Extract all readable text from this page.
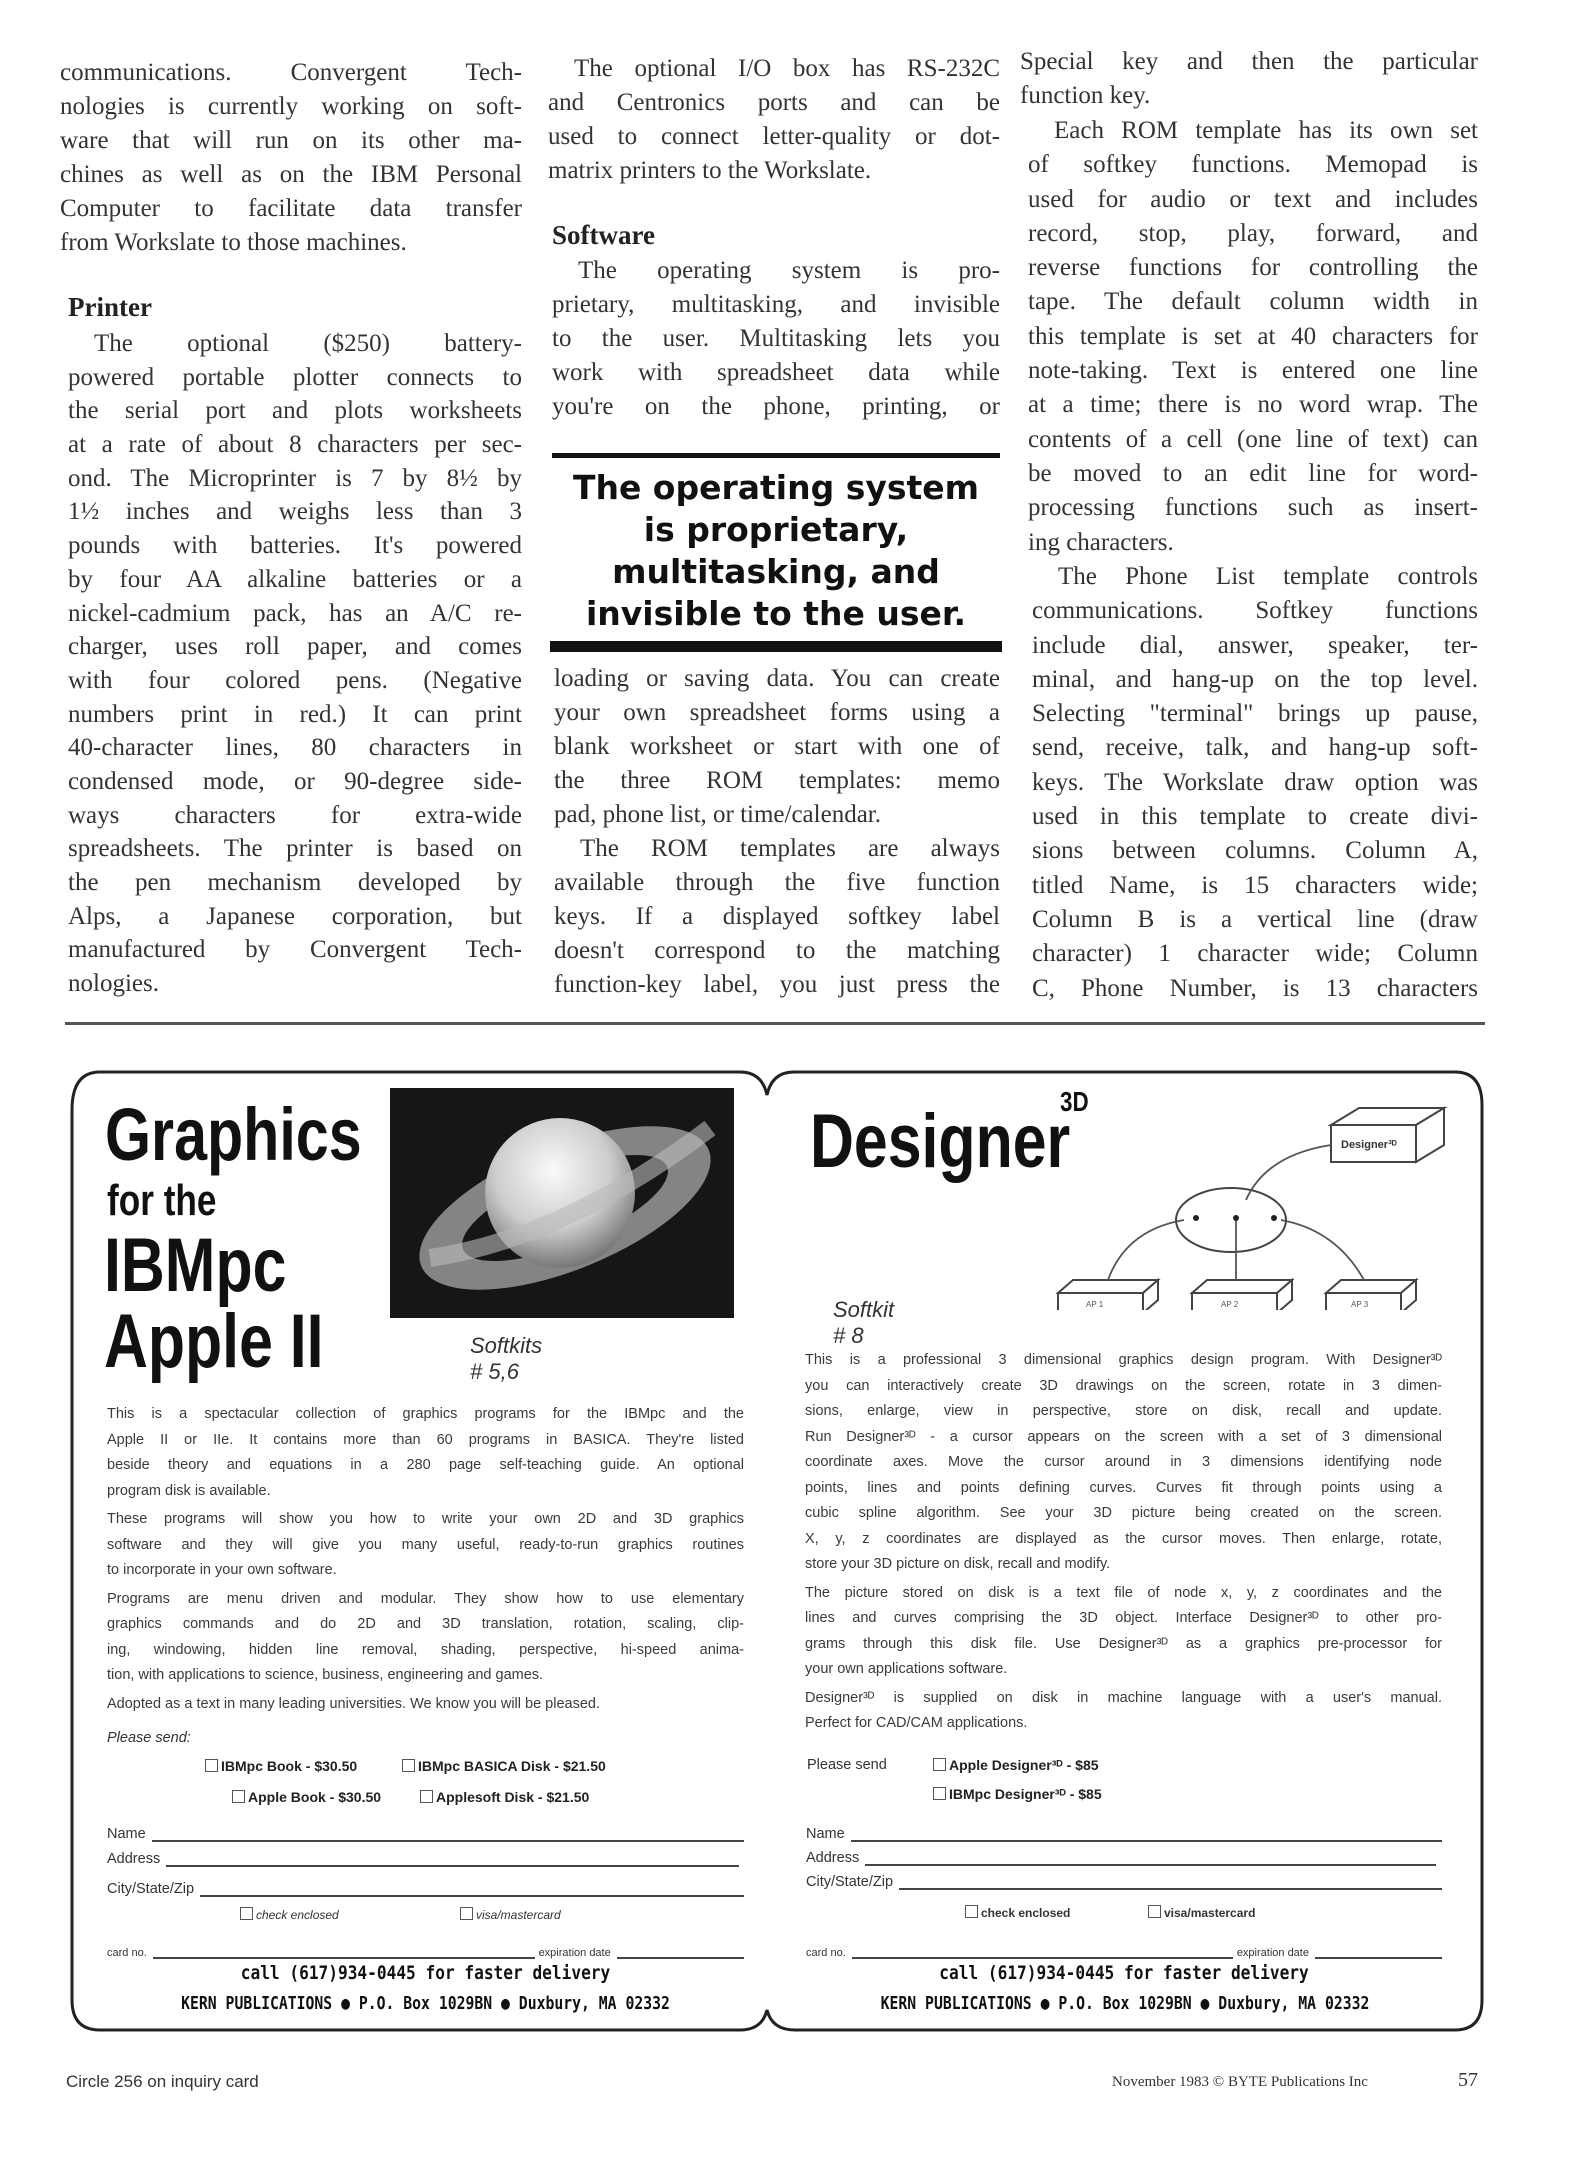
communications. Convergent Tech-
nologies is currently working on soft-
ware that will run on its other ma-
chines as well as on the IBM Personal
Computer to facilitate data transfer
from Workslate to those machines.
Printer
The optional ($250) battery-
powered portable plotter connects to
the serial port and plots worksheets
at a rate of about 8 characters per sec-
ond. The Microprinter is 7 by 8½ by
1½ inches and weighs less than 3
pounds with batteries. It's powered
by four AA alkaline batteries or a
nickel-cadmium pack, has an A/C re-
charger, uses roll paper, and comes
with four colored pens. (Negative
numbers print in red.) It can print
40-character lines, 80 characters in
condensed mode, or 90-degree side-
ways characters for extra-wide
spreadsheets. The printer is based on
the pen mechanism developed by
Alps, a Japanese corporation, but
manufactured by Convergent Tech-
nologies.
The optional I/O box has RS-232C
and Centronics ports and can be
used to connect letter-quality or dot-
matrix printers to the Workslate.
Software
The operating system is pro-
prietary, multitasking, and invisible
to the user. Multitasking lets you
work with spreadsheet data while
you're on the phone, printing, or
The operating system
is proprietary,
multitasking, and
invisible to the user.
loading or saving data. You can create
your own spreadsheet forms using a
blank worksheet or start with one of
the three ROM templates: memo
pad, phone list, or time/calendar.
The ROM templates are always
available through the five function
keys. If a displayed softkey label
doesn't correspond to the matching
function-key label, you just press the
Special key and then the particular
function key.
Each ROM template has its own set
of softkey functions. Memopad is
used for audio or text and includes
record, stop, play, forward, and
reverse functions for controlling the
tape. The default column width in
this template is set at 40 characters for
note-taking. Text is entered one line
at a time; there is no word wrap. The
contents of a cell (one line of text) can
be moved to an edit line for word-
processing functions such as insert-
ing characters.
The Phone List template controls
communications. Softkey functions
include dial, answer, speaker, ter-
minal, and hang-up on the top level.
Selecting "terminal" brings up pause,
send, receive, talk, and hang-up soft-
keys. The Workslate draw option was
used in this template to create divi-
sions between columns. Column A,
titled Name, is 15 characters wide;
Column B is a vertical line (draw
character) 1 character wide; Column
C, Phone Number, is 13 characters
Graphics
for the
IBMpc
Apple II	Softkits # 5,6
This is a spectacular collection of graphics programs for the IBMpc and the
Apple II or IIe. It contains more than 60 programs in BASICA. They're listed
beside theory and equations in a 280 page self-teaching guide. An optional
program disk is available.
These programs will show you how to write your own 2D and 3D graphics
software and they will give you many useful, ready-to-run graphics routines
to incorporate in your own software.
Programs are menu driven and modular. They show how to use elementary
graphics commands and do 2D and 3D translation, rotation, scaling, clip-
ing, windowing, hidden line removal, shading, perspective, hi-speed anima-
tion, with applications to science, business, engineering and games.
Adopted as a text in many leading universities. We know you will be pleased.
Please send:
IBMpc Book - $30.50	IBMpc BASICA Disk - $21.50
Apple Book - $30.50	Applesoft Disk - $21.50
Name
Address
City/State/Zip
check enclosed	visa/mastercard
card no.	expiration date
call (617)934-0445 for faster delivery
KERN PUBLICATIONS ● P.O. Box 1029BN ● Duxbury, MA 02332
Designer
3D
Designer³ᴰ
AP 1	AP 2	AP 3
Softkit # 8
This is a professional 3 dimensional graphics design program. With Designer³ᴰ
you can interactively create 3D drawings on the screen, rotate in 3 dimen-
sions, enlarge, view in perspective, store on disk, recall and update.
Run Designer³ᴰ - a cursor appears on the screen with a set of 3 dimensional
coordinate axes. Move the cursor around in 3 dimensions identifying node
points, lines and points defining curves. Curves fit through points using a
cubic spline algorithm. See your 3D picture being created on the screen.
X, y, z coordinates are displayed as the cursor moves. Then enlarge, rotate,
store your 3D picture on disk, recall and modify.
The picture stored on disk is a text file of node x, y, z coordinates and the
lines and curves comprising the 3D object. Interface Designer³ᴰ to other pro-
grams through this disk file. Use Designer³ᴰ as a graphics pre-processor for
your own applications software.
Designer³ᴰ is supplied on disk in machine language with a user's manual.
Perfect for CAD/CAM applications.
Please send	Apple Designer³ᴰ - $85
IBMpc Designer³ᴰ - $85
Name
Address
City/State/Zip
check enclosed	visa/mastercard
card no.	expiration date
call (617)934-0445 for faster delivery
KERN PUBLICATIONS ● P.O. Box 1029BN ● Duxbury, MA 02332
Circle 256 on inquiry card	November 1983 © BYTE Publications Inc	57
